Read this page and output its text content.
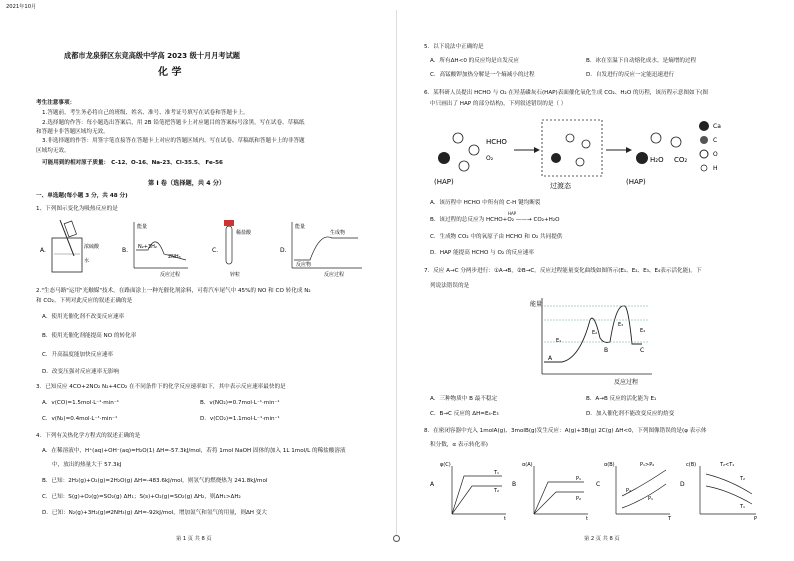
2021年10月
成都市龙泉驿区东竞高级中学高 2023 级十月月考试题
化 学
考生注意事项：
1.答题前，考生务必将自己的班级、姓名、准号、准考证号填写在试卷和答题卡上。
2.选择题的作答：每小题选出答案后，用 2B 铅笔把答题卡上对应题目的答案标号涂黑。写在试卷、草稿纸
和答题卡非答题区域均无效。
3.非选择题的作答：用签字笔直接答在答题卡上对应的答题区域内。写在试卷、草稿纸和答题卡上的非答题
区域均无效。
可能用到的相对原子质量： C-12、O-16、Na-23、Cl-35.5、 Fe-56
第 I 卷（选择题，共 4 分）
一、单选题(每小题 3 分，共 48 分)
1、下列图示变化为吸热反应的是
A.	浓硫酸
水
B.
能量
反应过程
N₂+3H₂
2NH₃
C.
稀盐酸
锌粒
D.
能量
反应过程
生成物
反应物
2."生态马路"运用"光触媒"技术，在路面涂上一种光催化剂涂料，可将汽车尾气中 45%的 NO 和 CO 转化成 N₂
和 CO₂。下列对此反应的叙述正确的是
A．使用光催化剂不改变反应速率
B．使用光催化剂能提高 NO 的转化率
C．升高温度能加快反应速率
D．改变压强对反应速率无影响
3．已知反应 4CO+2NO₂ N₂+4CO₂ 在不同条件下的化学反应速率如下，其中表示反应速率最快的是
A．v(CO)=1.5mol·L⁻¹·min⁻¹	B．v(NO₂)=0.7mol·L⁻¹·min⁻¹
C．v(N₂)=0.4mol·L⁻¹·min⁻¹	D．v(CO₂)=1.1mol·L⁻¹·min⁻¹
4．下列有关热化学方程式的叙述正确的是
A．在稀溶液中，H⁺(aq)+OH⁻(aq)=H₂O(1) ΔH=-57.3kJ/mol，若将 1mol NaOH 固体的加入 1L 1mol/L 的稀盐酸溶液
中，放出的热量大于 57.3kJ
B．已知：2H₂(g)+O₂(g)=2H₂O(g) ΔH=-483.6kJ/mol，则氢气的燃烧热为 241.8kJ/mol
C．已知：S(g)+O₂(g)=SO₂(g) ΔH₁；S(s)+O₂(g)=SO₂(g) ΔH₂，则ΔH₁>ΔH₂
D．已知：N₂(g)+3H₂(g)⇌2NH₃(g) ΔH=-92kJ/mol，增加氮气和氢气的用量，则ΔH 变大
第 1 页 共 8 页
5．以下说法中正确的是
A．所有ΔH<0 的反应均是自发反应	B．冰在室温下自动熔化成水，是熵增的过程
C．高锰酸钾加热分解是一个熵减小的过程	D．自发进行的反应一定能迅速进行
6．某科研人员提出 HCHO 与 O₂ 在羟基磷灰石(HAP)表面催化氧化生成 CO₂、H₂O 的历程，该历程示意图如下(图
中只画出了 HAP 的部分结构)，下列叙述错误的是（ ）
HCHO
O₂
(HAP)	过渡态	(HAP)
H₂O CO₂
Ca
C
O
H
A．该历程中 HCHO 中所有的 C-H 键均断裂
B．该过程的总反应为 HCHO+O₂ ——→ CO₂+H₂O
HAP
C．生成物 CO₂ 中的氧原子由 HCHO 和 O₂ 共同提供
D．HAP 能提高 HCHO 与 O₂ 的反应速率
7．反应 A→C 分两步进行：①A→B，②B→C。反应过程能量变化曲线如图所示(E₁、E₂、E₃、E₄表示活化能)。下
列说法错误的是
能量
反应过程
A
B	C
E₁
E₂
E₃
E₄
A．三种物质中 B 最不稳定	B．A→B 反应的活化能为 E₁
C．B→C 反应的 ΔH=E₄-E₃	D．加入催化剂不能改变反应的焓变
8．在密闭容器中充入 1molA(g)、3molB(g)发生反应：A(g)+3B(g) 2C(g) ΔH<0，下列图像错误的是(φ 表示体
积分数，α 表示转化率)
A
φ(C)
T₁
T₂
t
B
α(A)
P₁
P₂
t
C
α(B)	P₁>P₂
P₂
P₁
T
D
c(B)	T₂<T₁
T₂
T₁
P
第 2 页 共 8 页
